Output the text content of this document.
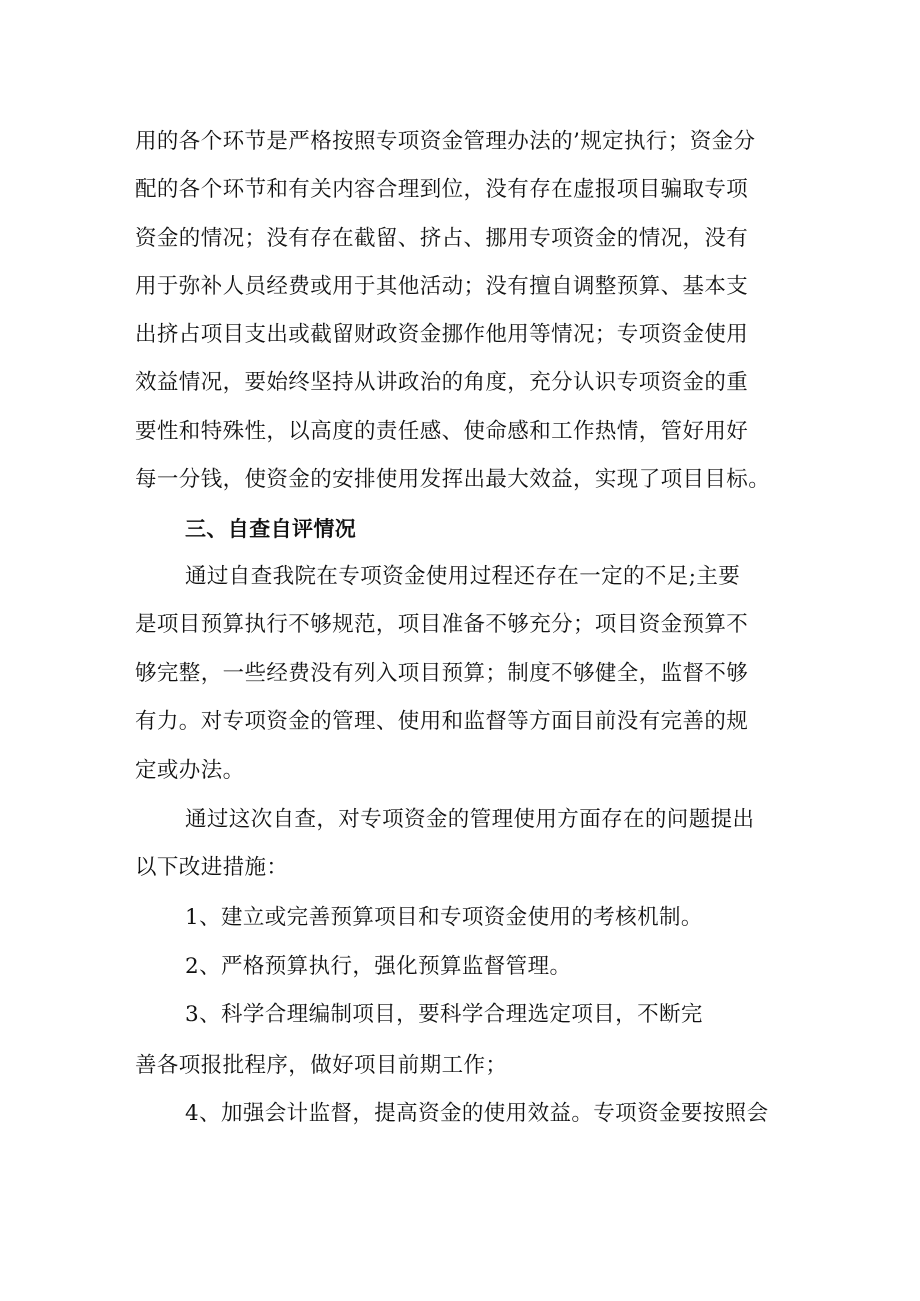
用的各个环节是严格按照专项资金管理办法的’规定执行；资金分
配的各个环节和有关内容合理到位，没有存在虚报项目骗取专项
资金的情况；没有存在截留、挤占、挪用专项资金的情况，没有
用于弥补人员经费或用于其他活动；没有擅自调整预算、基本支
出挤占项目支出或截留财政资金挪作他用等情况；专项资金使用
效益情况，要始终坚持从讲政治的角度，充分认识专项资金的重
要性和特殊性，以高度的责任感、使命感和工作热情，管好用好
每一分钱，使资金的安排使用发挥出最大效益，实现了项目目标。
三、自查自评情况
通过自查我院在专项资金使用过程还存在一定的不足;主要
是项目预算执行不够规范，项目准备不够充分；项目资金预算不
够完整，一些经费没有列入项目预算；制度不够健全，监督不够
有力。对专项资金的管理、使用和监督等方面目前没有完善的规
定或办法。
通过这次自查，对专项资金的管理使用方面存在的问题提出
以下改进措施：
1、建立或完善预算项目和专项资金使用的考核机制。
2、严格预算执行，强化预算监督管理。
3、科学合理编制项目，要科学合理选定项目，不断完
善各项报批程序，做好项目前期工作；
4、加强会计监督，提高资金的使用效益。专项资金要按照会
